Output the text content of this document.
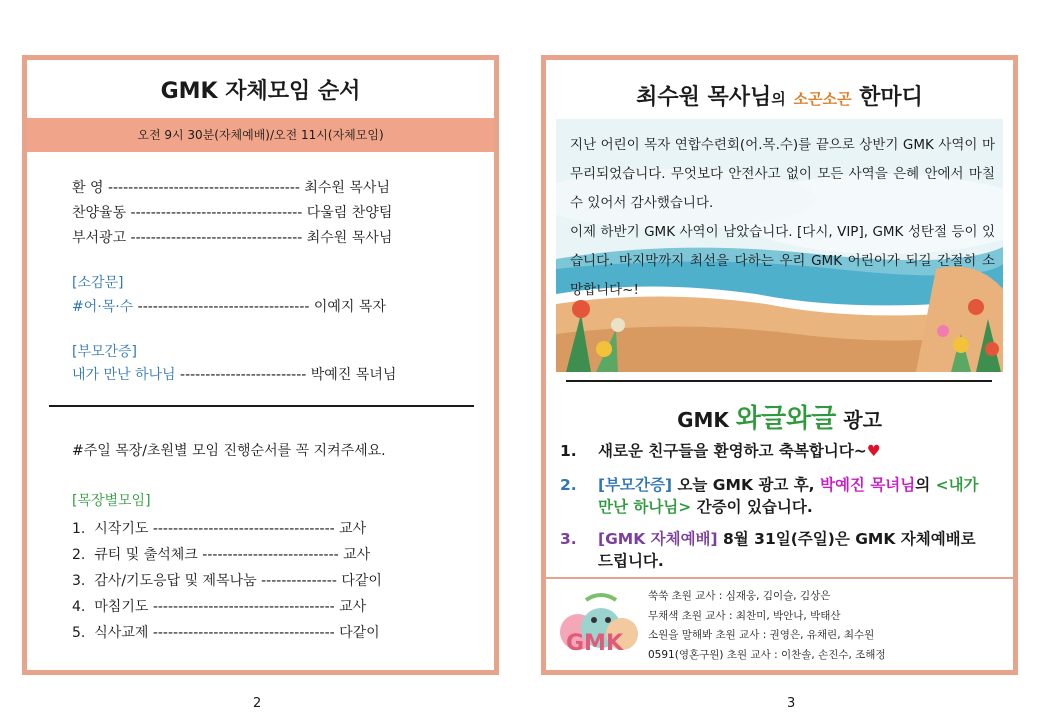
GMK 자체모임 순서
오전 9시 30분(자체예배)/오전 11시(자체모임)
환 영 -------------------------------------- 최수원 목사님
찬양율동 ---------------------------------- 다울림 찬양팀
부서광고 ---------------------------------- 최수원 목사님
[소감문]
#어·목·수 ---------------------------------- 이예지 목자
[부모간증]
내가 만난 하나님 ------------------------- 박예진 목녀님
#주일 목장/초원별 모임 진행순서를 꼭 지켜주세요.
[목장별모임]
1. 시작기도 ------------------------------------ 교사
2. 큐티 및 출석체크 --------------------------- 교사
3. 감사/기도응답 및 제목나눔 --------------- 다같이
4. 마침기도 ------------------------------------ 교사
5. 식사교제 ------------------------------------ 다같이
2
최수원 목사님의 소곤소곤 한마디

지난 어린이 목자 연합수련회(어.목.수)를 끝으로 상반기 GMK 사역이 마무리되었습니다. 무엇보다 안전사고 없이 모든 사역을 은혜 안에서 마칠 수 있어서 감사했습니다.

이제 하반기 GMK 사역이 남았습니다. [다시, VIP], GMK 성탄절 등이 있습니다. 마지막까지 최선을 다하는 우리 GMK 어린이가 되길 간절히 소망합니다~!

GMK 와글와글 광고
1. 새로운 친구들을 환영하고 축복합니다~♥
2. [부모간증] 오늘 GMK 광고 후, 박예진 목녀님의 <내가 만난 하나님> 간증이 있습니다.
3. [GMK 자체예배] 8월 31일(주일)은 GMK 자체예배로 드립니다.
GMK
쑥쑥 초원 교사 : 심재웅, 김이슬, 김상은
무채색 초원 교사 : 최찬미, 박안나, 박태산
소원을 말해봐 초원 교사 : 권영은, 유채린, 최수원
0591(영혼구원) 초원 교사 : 이찬솔, 손진수, 조해정
3
